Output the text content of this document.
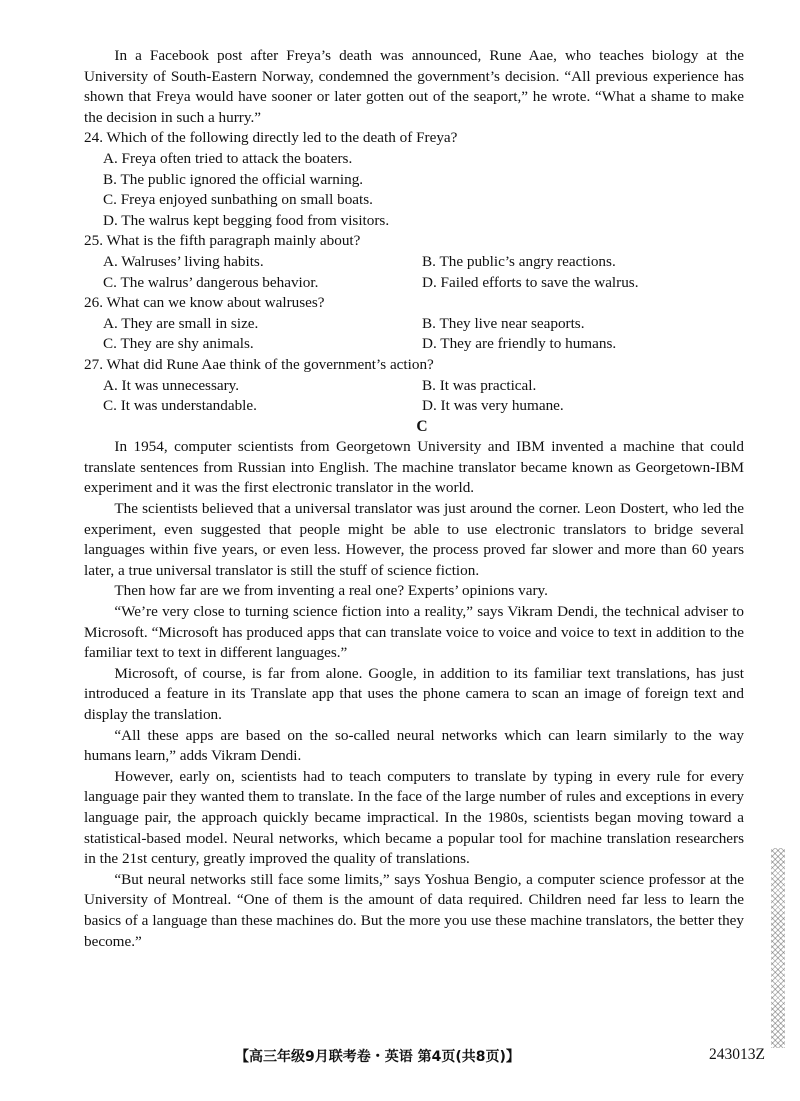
In a Facebook post after Freya’s death was announced, Rune Aae, who teaches biology at the University of South-Eastern Norway, condemned the government’s decision. “All previous experience has shown that Freya would have sooner or later gotten out of the seaport,” he wrote. “What a shame to make the decision in such a hurry.”

24. Which of the following directly led to the death of Freya?

A. Freya often tried to attack the boaters.
B. The public ignored the official warning.
C. Freya enjoyed sunbathing on small boats.
D. The walrus kept begging food from visitors.

25. What is the fifth paragraph mainly about?

A. Walruses’ living habits.	B. The public’s angry reactions.
C. The walrus’ dangerous behavior.	D. Failed efforts to save the walrus.

26. What can we know about walruses?

A. They are small in size.	B. They live near seaports.
C. They are shy animals.	D. They are friendly to humans.

27. What did Rune Aae think of the government’s action?

A. It was unnecessary.	B. It was practical.
C. It was understandable.	D. It was very humane.

C

In 1954, computer scientists from Georgetown University and IBM invented a machine that could translate sentences from Russian into English. The machine translator became known as Georgetown-IBM experiment and it was the first electronic translator in the world.

The scientists believed that a universal translator was just around the corner. Leon Dostert, who led the experiment, even suggested that people might be able to use electronic translators to bridge several languages within five years, or even less. However, the process proved far slower and more than 60 years later, a true universal translator is still the stuff of science fiction.

Then how far are we from inventing a real one? Experts’ opinions vary.

“We’re very close to turning science fiction into a reality,” says Vikram Dendi, the technical adviser to Microsoft. “Microsoft has produced apps that can translate voice to voice and voice to text in addition to the familiar text to text in different languages.”

Microsoft, of course, is far from alone. Google, in addition to its familiar text translations, has just introduced a feature in its Translate app that uses the phone camera to scan an image of foreign text and display the translation.

“All these apps are based on the so-called neural networks which can learn similarly to the way humans learn,” adds Vikram Dendi.

However, early on, scientists had to teach computers to translate by typing in every rule for every language pair they wanted them to translate. In the face of the large number of rules and exceptions in every language pair, the approach quickly became impractical. In the 1980s, scientists began moving toward a statistical-based model. Neural networks, which became a popular tool for machine translation researchers in the 21st century, greatly improved the quality of translations.

“But neural networks still face some limits,” says Yoshua Bengio, a computer science professor at the University of Montreal. “One of them is the amount of data required. Children need far less to learn the basics of a language than these machines do. But the more you use these machine translators, the better they become.”

【高三年级9月联考卷・英语 第4页(共8页)】	243013Z
